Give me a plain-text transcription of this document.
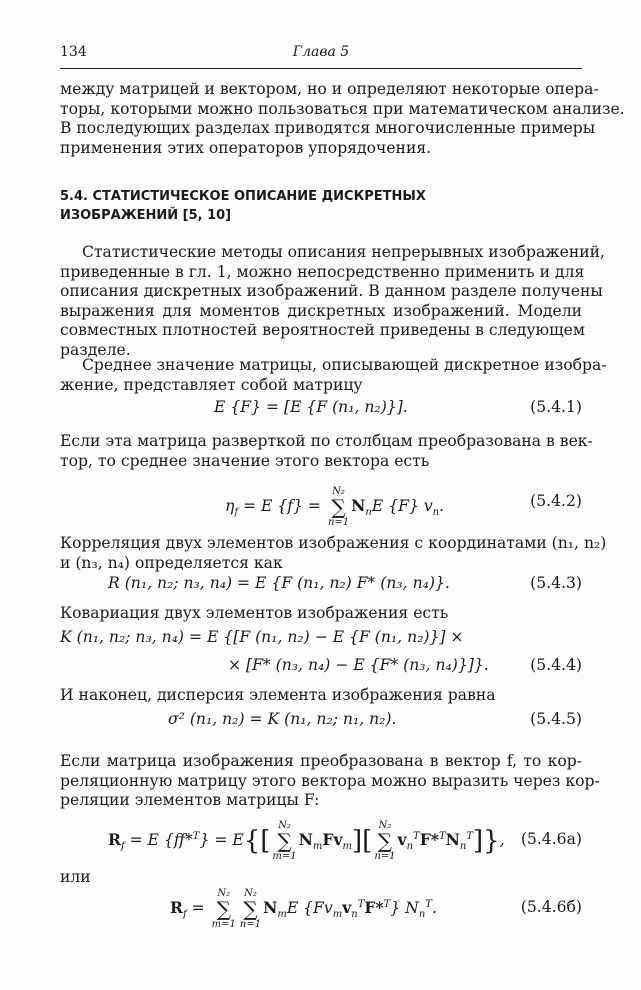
134	Глава 5
между матрицей и вектором, но и определяют некоторые опера-
торы, которыми можно пользоваться при математическом анализе.
В последующих разделах приводятся многочисленные примеры
применения этих операторов упорядочения.
5.4. СТАТИСТИЧЕСКОЕ ОПИСАНИЕ ДИСКРЕТНЫХ
ИЗОБРАЖЕНИЙ [5, 10]
Статистические методы описания непрерывных изображений,
приведенные в гл. 1, можно непосредственно применить и для
описания дискретных изображений. В данном разделе получены
выражения для моментов дискретных изображений. Модели
совместных плотностей вероятностей приведены в следующем
разделе.
Среднее значение матрицы, описывающей дискретное изобра-
жение, представляет собой матрицу
E {F} = [E {F (n₁, n₂)}].	(5.4.1)
Если эта матрица разверткой по столбцам преобразована в век-
тор, то среднее значение этого вектора есть
$\eta_f = E$ {f} =
N₂
∑
n=1
$N_nE$ {F} $v_n$.	(5.4.2)
Корреляция двух элементов изображения с координатами (n₁, n₂)
и (n₃, n₄) определяется как
R (n₁, n₂; n₃, n₄) = E {F (n₁, n₂) F* (n₃, n₄)}.	(5.4.3)
Ковариация двух элементов изображения есть
K (n₁, n₂; n₃, n₄) = E {[F (n₁, n₂) − E {F (n₁, n₂)}] ×
× [F* (n₃, n₄) − E {F* (n₃, n₄)}]}.	(5.4.4)
И наконец, дисперсия элемента изображения равна
σ² (n₁, n₂) = K (n₁, n₂; n₁, n₂).	(5.4.5)
Если матрица изображения преобразована в вектор f, то кор-
реляционную матрицу этого вектора можно выразить через кор-
реляции элементов матрицы F:
$R_f = E$ {ff*$^T$} = E{[
N₂
∑
m=1
$N_mFv_m$][
N₂
∑
n=1
$v_n^TF*^TN_n^T$]}, (5.4.6а)
или
$R_f$ =
N₂
∑
m=1
N₂
∑
n=1
$N_mE$ $\{Fv_mv_n^TF*^T\}$ $N_n^T$.	(5.4.6б)
